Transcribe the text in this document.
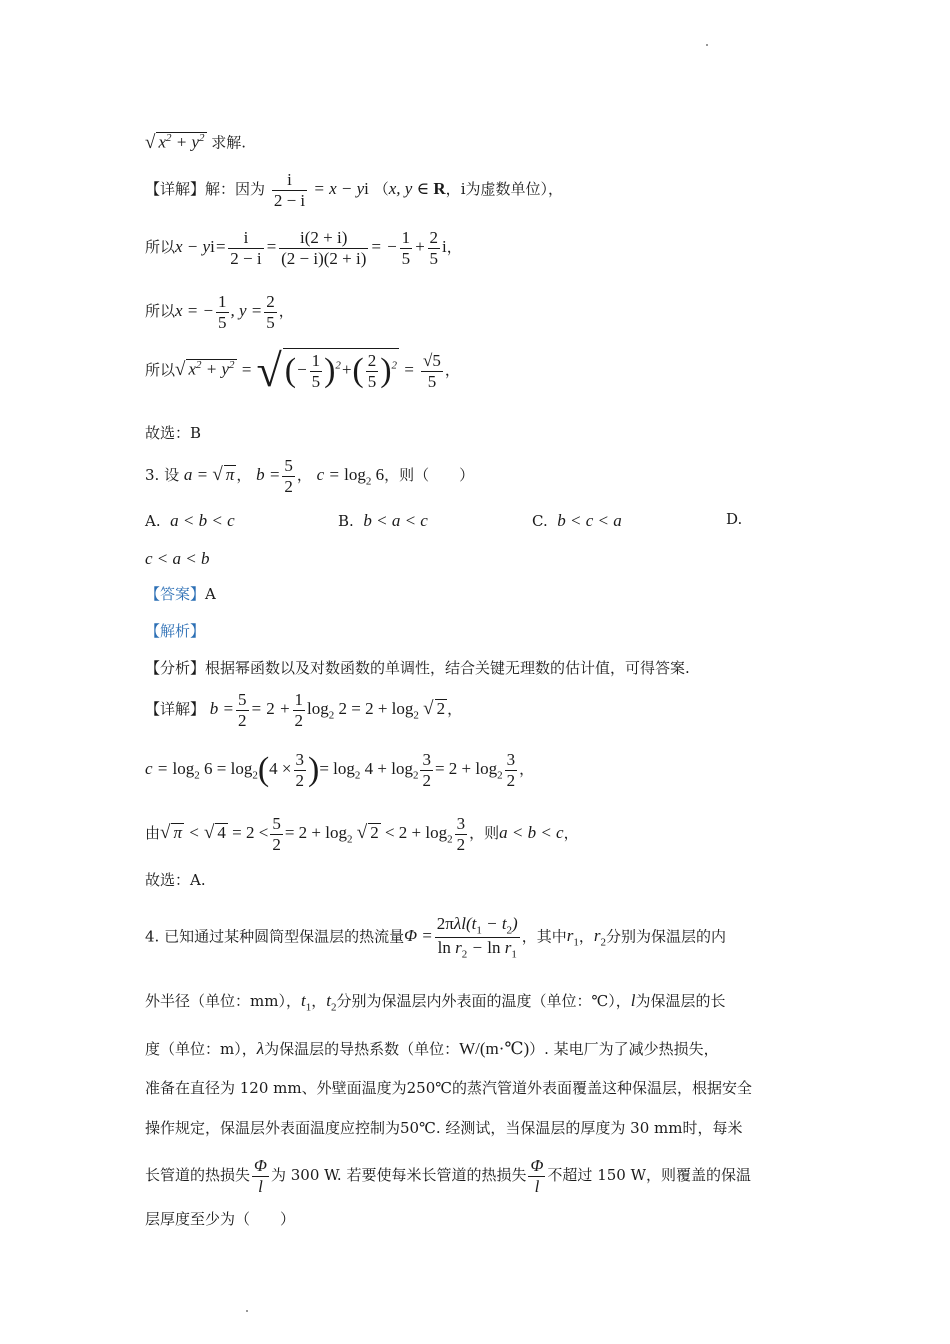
√ $x^2 + y^2$ 求解.
【详解】解：因为 $\frac{i}{2 - i} = x$ − yi （x, y ∈ R，i为虚数单位），
所以$x - yi= \frac{i}{2 - i} = \frac{i(2 + i)}{(2 - i)(2 + i)}$ = − $\frac{1}{5} + \frac{2}{5}$ i，
所以x = − $\frac{1}{5}$ , $y = \frac{2}{5}$ ，
所以√ $x^2 + y^2$ = √(− $\frac{1}{5} )^2+( \frac{2}{5} )^2 = \frac{√5}{5}$ ，
故选：B
3. 设 a = √ π ， $b = \frac{5}{2}$ ， $c = \log_2 6$，则（　　）
A. a < b < c	B. b < a < c	C. b < c < a	D.
c < a < b
【答案】A
【解析】
【分析】根据幂函数以及对数函数的单调性，结合关键无理数的估计值，可得答案.
【详解】 $b = \frac{5}{2} = 2 + \frac{1}{2} \log_2 2 = 2 + \log_2$ √ 2 ，
$c = \log_2 6 = \log_2(4 \times \frac{3}{2}$ )= $\log_2 4 + \log_2 \frac{3}{2} = 2 + \log_2 \frac{3}{2}$ ，
由√ π < √ $4 = 2 < \frac{5}{2} = 2 + \log_2$ √ $2 < 2 + \log_2 \frac{3}{2}$ ，则a < b < c，
故选：A.
4. 已知通过某种圆筒型保温层的热流量$\Phi = \frac{2\pi\lambda l(t_1 - t_2)}{\ln r_2 - \ln r_1}$ ，其中$r_1$，$r_2$分别为保温层的内
外半径（单位：mm），$t_1$，$t_2$分别为保温层内外表面的温度（单位：℃），l为保温层的长
度（单位：m），λ为保温层的导热系数（单位：W/(m·℃)）. 某电厂为了减少热损失，
准备在直径为 120 mm、外壁面温度为250℃的蒸汽管道外表面覆盖这种保温层，根据安全
操作规定，保温层外表面温度应控制为50℃. 经测试，当保温层的厚度为 30 mm时，每米
长管道的热损失 $\frac{\Phi}{l}$ 为 300 W. 若要使每米长管道的热损失 $\frac{\Phi}{l}$ 不超过 150 W，则覆盖的保温
层厚度至少为（　　）
